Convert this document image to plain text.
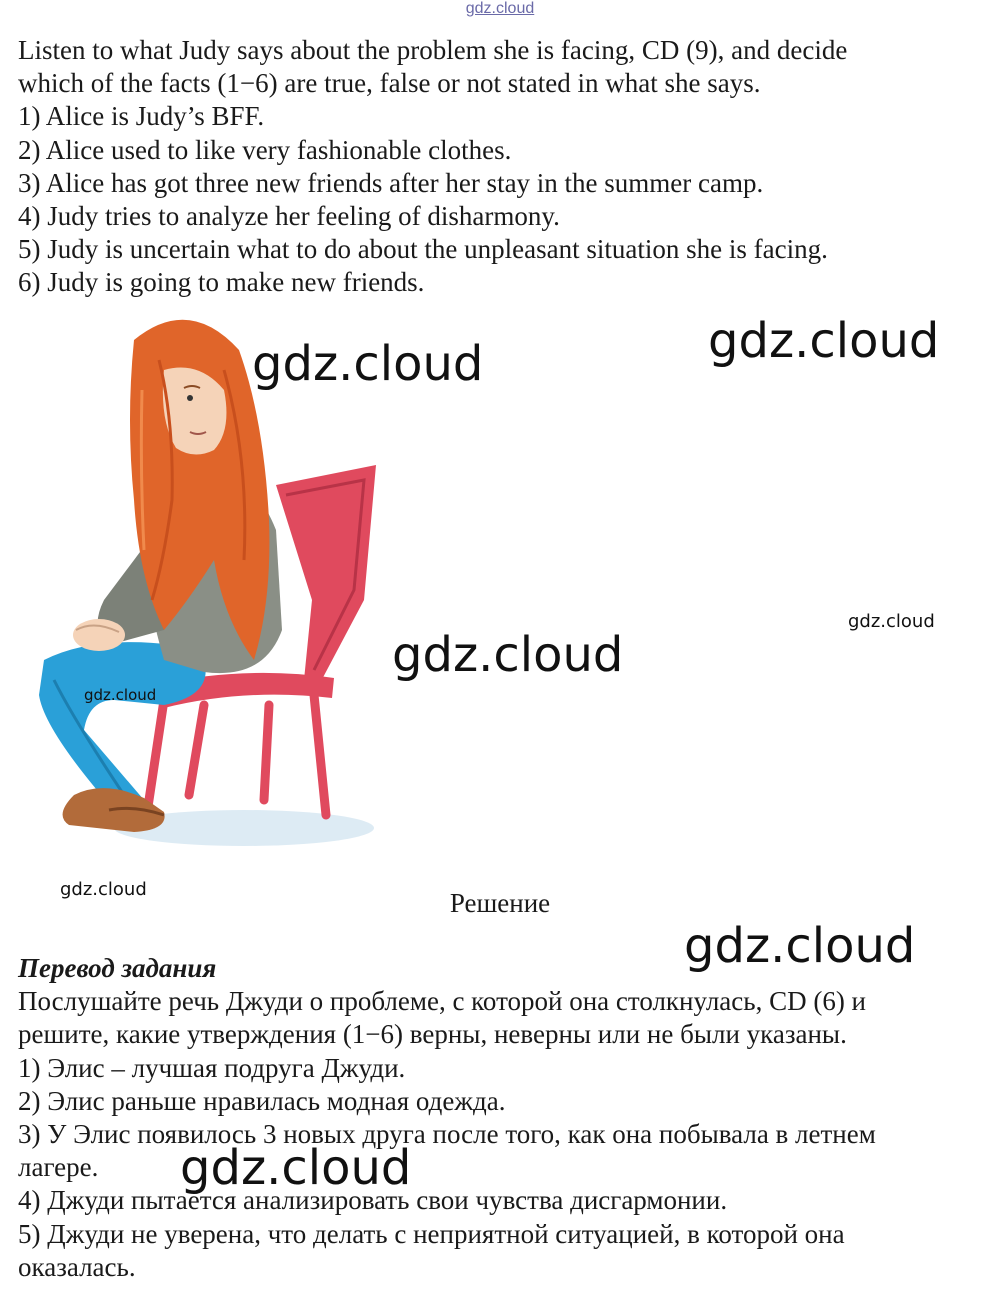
gdz.cloud

Listen to what Judy says about the problem she is facing, CD (9), and decide

which of the facts (1−6) are true, false or not stated in what she says.

1) Alice is Judy’s BFF.

2) Alice used to like very fashionable clothes.

3) Alice has got three new friends after her stay in the summer camp.

4) Judy tries to analyze her feeling of disharmony.

5) Judy is uncertain what to do about the unpleasant situation she is facing.

6) Judy is going to make new friends.

gdz.cloud	gdz.cloud
gdz.cloud
gdz.cloud
gdz.cloud
gdz.cloud	Решение
gdz.cloud

Перевод задания

Послушайте речь Джуди о проблеме, с которой она столкнулась, CD (6) и

решите, какие утверждения (1−6) верны, неверны или не были указаны.

1) Элис – лучшая подруга Джуди.

2) Элис раньше нравилась модная одежда.

3) У Элис появилось 3 новых друга после того, как она побывала в летнем

лагере.

4) Джуди пытается анализировать свои чувства дисгармонии.

5) Джуди не уверена, что делать с неприятной ситуацией, в которой она

оказалась.

gdz.cloud
